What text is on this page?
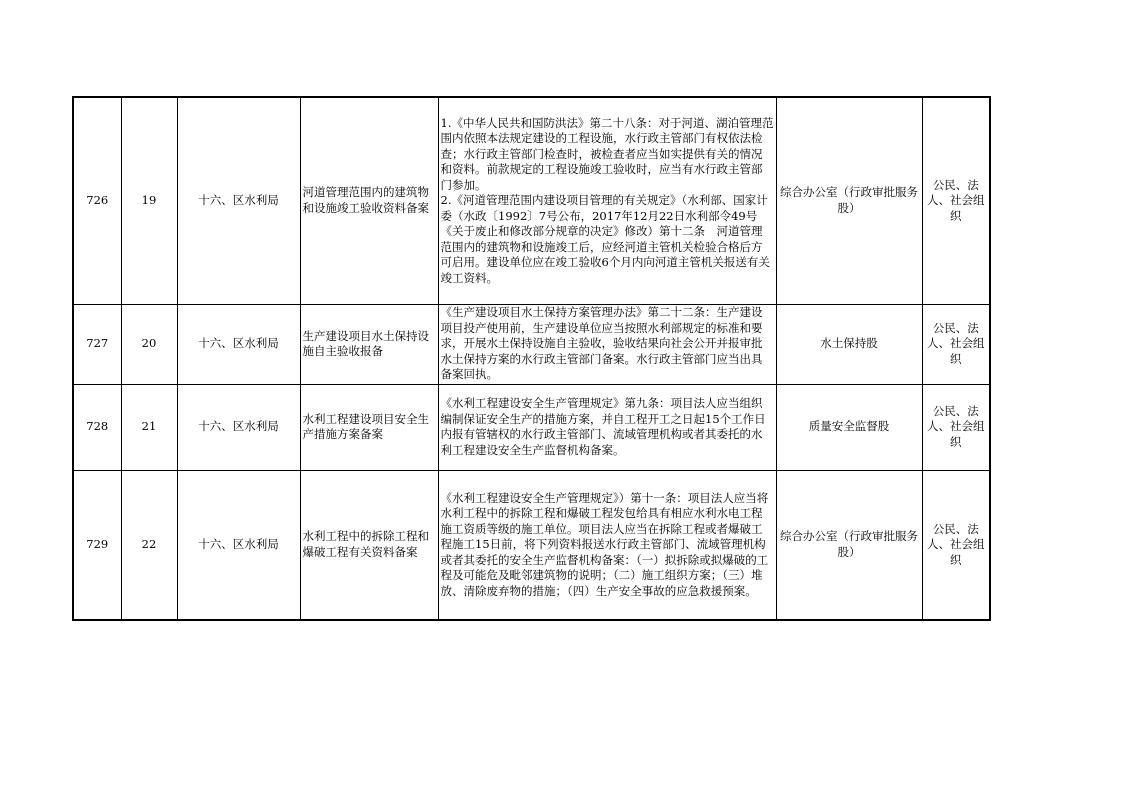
726	19	十六、区水利局	河道管理范围内的建筑物和设施竣工验收资料备案	1.《中华人民共和国防洪法》第二十八条：对于河道、湖泊管理范围内依照本法规定建设的工程设施，水行政主管部门有权依法检查；水行政主管部门检查时，被检查者应当如实提供有关的情况和资料。前款规定的工程设施竣工验收时，应当有水行政主管部门参加。
2.《河道管理范围内建设项目管理的有关规定》（水利部、国家计委（水政〔1992〕7号公布，2017年12月22日水利部令49号《关于废止和修改部分规章的决定》修改）第十二条　河道管理范围内的建筑物和设施竣工后，应经河道主管机关检验合格后方可启用。建设单位应在竣工验收6个月内向河道主管机关报送有关竣工资料。	综合办公室（行政审批服务股）	公民、法人、社会组织
727	20	十六、区水利局	生产建设项目水土保持设施自主验收报备	《生产建设项目水土保持方案管理办法》第二十二条：生产建设项目投产使用前，生产建设单位应当按照水利部规定的标准和要求，开展水土保持设施自主验收，验收结果向社会公开并报审批水土保持方案的水行政主管部门备案。水行政主管部门应当出具备案回执。	水土保持股	公民、法人、社会组织
728	21	十六、区水利局	水利工程建设项目安全生产措施方案备案	《水利工程建设安全生产管理规定》第九条：项目法人应当组织编制保证安全生产的措施方案，并自工程开工之日起15个工作日内报有管辖权的水行政主管部门、流域管理机构或者其委托的水利工程建设安全生产监督机构备案。	质量安全监督股	公民、法人、社会组织
729	22	十六、区水利局	水利工程中的拆除工程和爆破工程有关资料备案	《水利工程建设安全生产管理规定》）第十一条：项目法人应当将水利工程中的拆除工程和爆破工程发包给具有相应水利水电工程施工资质等级的施工单位。项目法人应当在拆除工程或者爆破工程施工15日前，将下列资料报送水行政主管部门、流域管理机构或者其委托的安全生产监督机构备案：（一）拟拆除或拟爆破的工程及可能危及毗邻建筑物的说明；（二）施工组织方案；（三）堆放、清除废弃物的措施；（四）生产安全事故的应急救援预案。	综合办公室（行政审批服务股）	公民、法人、社会组织
